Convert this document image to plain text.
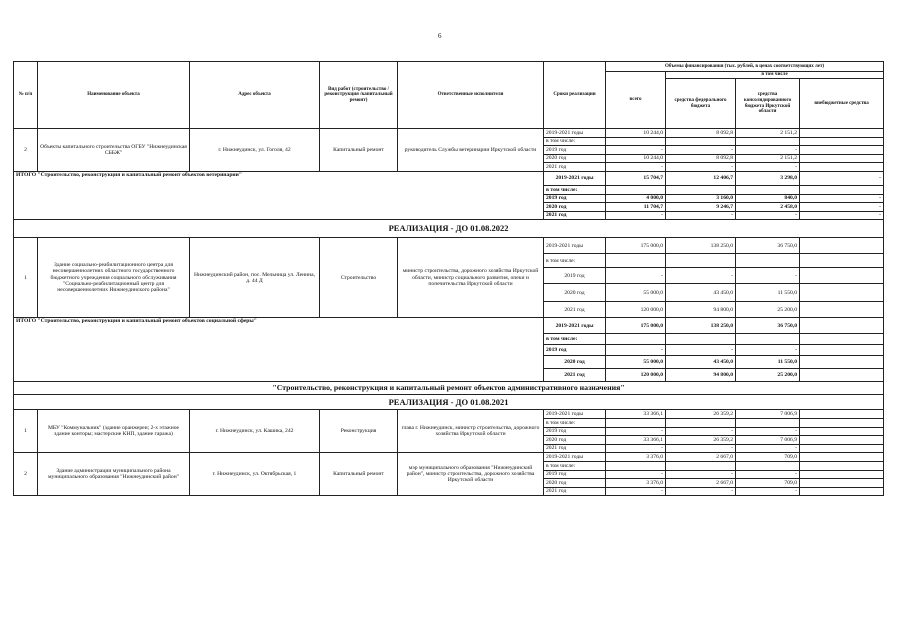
6
№ п/п	Наименование объекта	Адрес объекта	Вид работ (строительство /реконструкция /капитальный ремонт)	Ответственные исполнители	Сроки реализации	Объемы финансирования (тыс. рублей, в ценах соответствующих лет)			
						всего	в том числе		
							средства федерального бюджета	средства консолидированного бюджета Иркутской области	внебюджетные средства
2	Объекты капитального строительства ОГБУ "Нижнеудинская СББЖ"	г. Нижнеудинск, ул. Гоголя, 42	Капитальный ремонт	руководитель Службы ветеринарии Иркутской области	2019-2021 годы	10 244,0	8 092,8	2 151,2	
					в том числе:				
					2019 год	-	-	-	
					2020 год	10 244,0	8 092,8	2 151,2	
					2021 год	-	-	-	
ИТОГО "Строительство, реконструкция и капитальный ремонт объектов ветеринарии"					2019-2021 годы	15 704,7	12 406,7	3 298,0	-
					в том числе:				
					2019 год	4 000,0	3 160,0	840,0	-
					2020 год	11 704,7	9 246,7	2 458,0	-
					2021 год	-	-	-	-
РЕАЛИЗАЦИЯ - ДО 01.08.2022									
1	Здание социально-реабилитационного центра для несовершеннолетних областного государственного бюджетного учреждения социального обслуживания "Социально-реабилитационный центр для несовершеннолетних Нижнеудинского района"	Нижнеудинский район, пос. Мельница ул. Ленина, д. 44 Д	Строительство	министр строительства, дорожного хозяйства Иркутской области, министр социального развития, опеки и попечительства Иркутской области	2019-2021 годы	175 000,0	138 250,0	36 750,0	
					в том числе:				
					2019 год	-	-	-	
					2020 год	55 000,0	43 450,0	11 550,0	
					2021 год	120 000,0	94 800,0	25 200,0	
ИТОГО "Строительство, реконструкция и капитальный ремонт объектов социальной сферы"					2019-2021 годы	175 000,0	138 250,0	36 750,0	
					в том числе:				
					2019 год	-	-	-	
					2020 год	55 000,0	43 450,0	11 550,0	
					2021 год	120 000,0	94 800,0	25 200,0	
"Строительство, реконструкция и капитальный ремонт объектов административного назначения"									
РЕАЛИЗАЦИЯ - ДО 01.08.2021									
1	МБУ "Коммунальник" (здание оранжереи; 2-х этажное здание конторы; мастерские КНП, здание гаража)	г. Нижнеудинск, ул. Кашика, 242	Реконструкция	глава г. Нижнеудинск, министр строительства, дорожного хозяйства Иркутской области	2019-2021 годы	33 366,1	26 359,2	7 006,9	
					в том числе:				
					2019 год	-	-	-	
					2020 год	33 366,1	26 359,2	7 006,9	
					2021 год	-	-	-	
2	Здание администрации муниципального района муниципального образования "Нижнеудинский район"	г. Нижнеудинск, ул. Октябрьская, 1	Капитальный ремонт	мэр муниципального образования "Нижнеудинский район", министр строительства, дорожного хозяйства Иркутской области	2019-2021 годы	3 376,0	2 667,0	709,0	
					в том числе:				
					2019 год	-	-	-	
					2020 год	3 376,0	2 667,0	709,0	
					2021 год	-	-	-	
